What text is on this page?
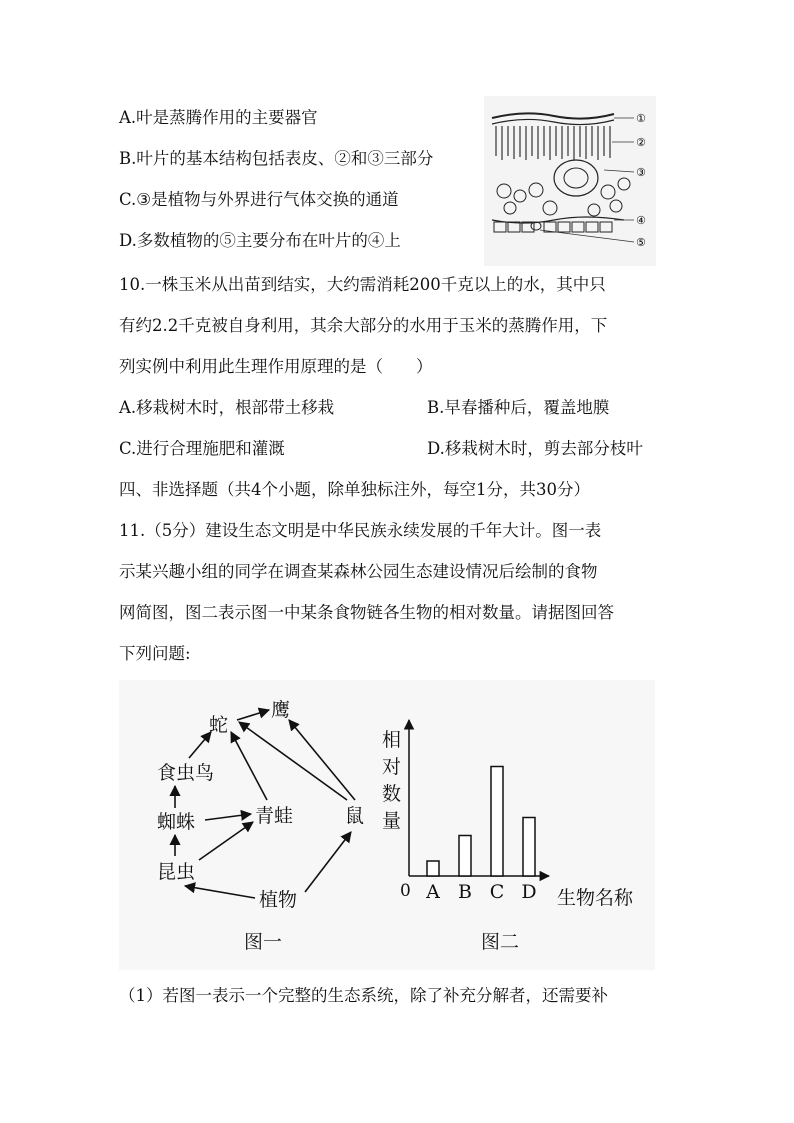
A.叶是蒸腾作用的主要器官
B.叶片的基本结构包括表皮、②和③三部分
C.③是植物与外界进行气体交换的通道
D.多数植物的⑤主要分布在叶片的④上
①
②
③
④
⑤
10.一株玉米从出苗到结实，大约需消耗200千克以上的水，其中只
有约2.2千克被自身利用，其余大部分的水用于玉米的蒸腾作用，下
列实例中利用此生理作用原理的是（　　）
A.移栽树木时，根部带土移栽	B.早春播种后，覆盖地膜
C.进行合理施肥和灌溉	D.移栽树木时，剪去部分枝叶
四、非选择题（共4个小题，除单独标注外，每空1分，共30分）
11.（5分）建设生态文明是中华民族永续发展的千年大计。图一表
示某兴趣小组的同学在调查某森林公园生态建设情况后绘制的食物
网简图，图二表示图一中某条食物链各生物的相对数量。请据图回答
下列问题:
鹰
蛇
食虫鸟
蜘蛛	青蛙	鼠
昆虫
植物
图一
相
对
数
量
0 A B C D 生物名称
图二
（1）若图一表示一个完整的生态系统，除了补充分解者，还需要补
